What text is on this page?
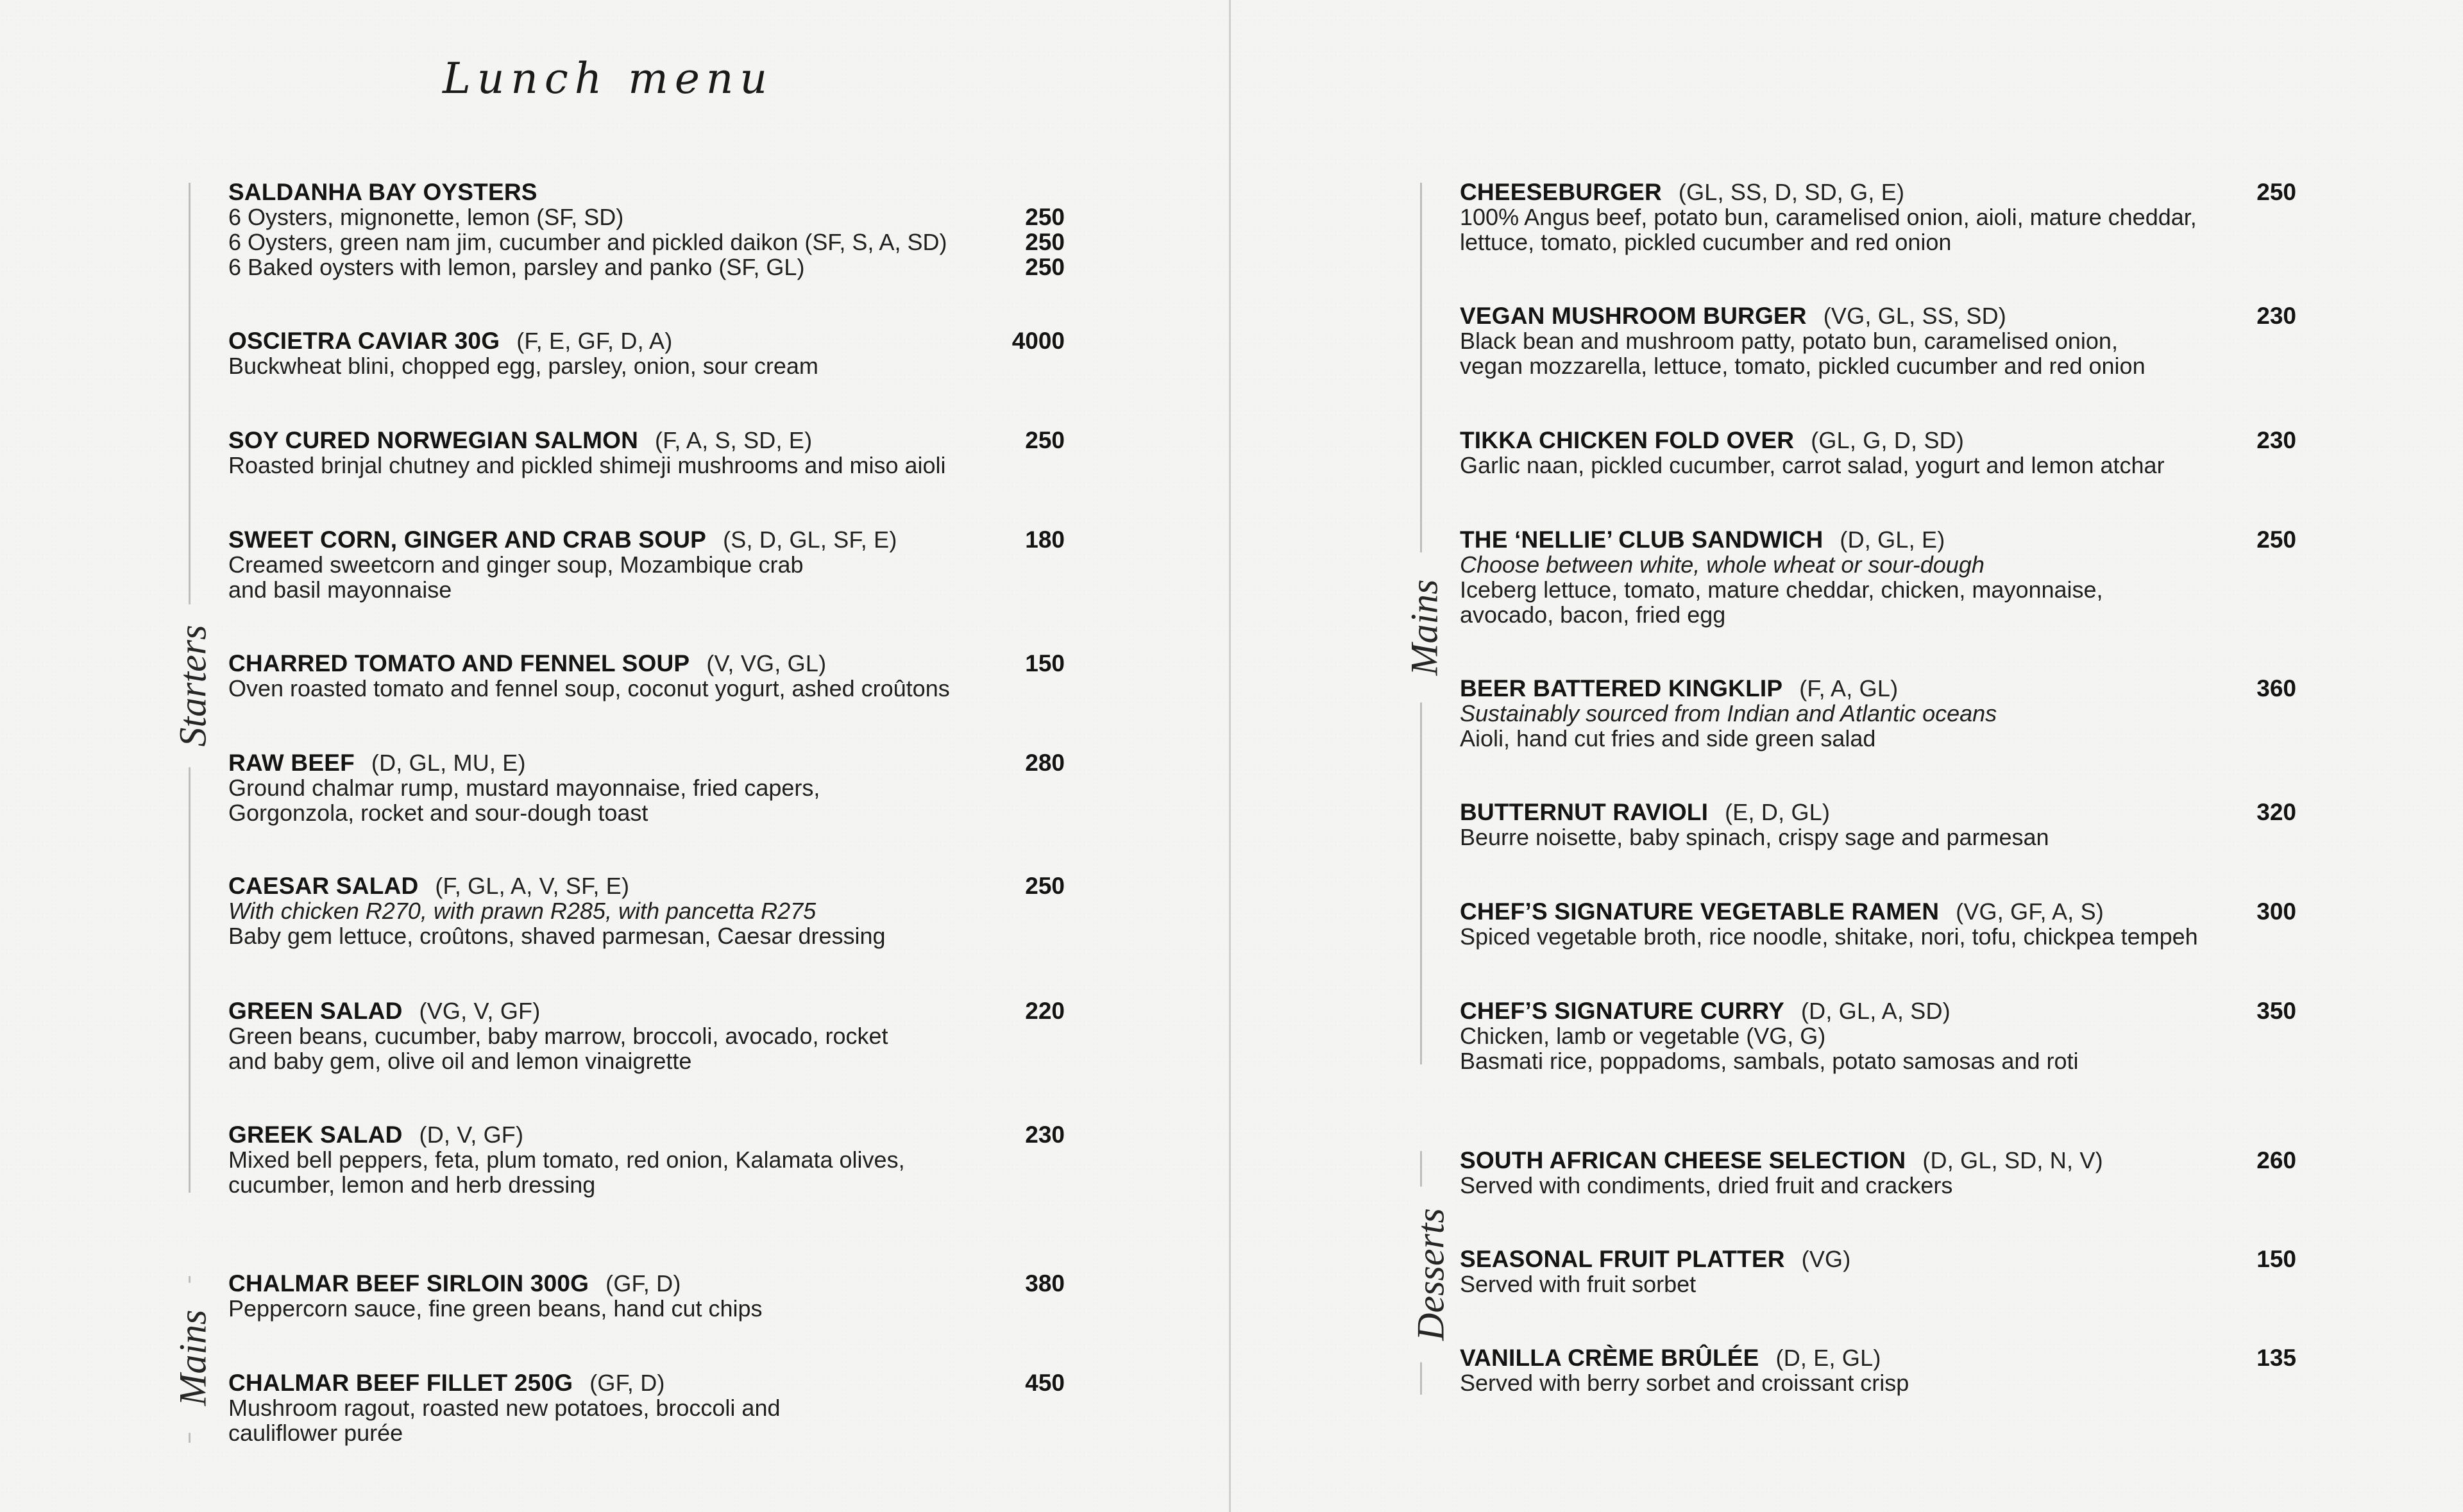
Lunch menu
Starters
Mains
Mains
Desserts
250
250
250
SALDANHA BAY OYSTERS
6 Oysters, mignonette, lemon (SF, SD)
6 Oysters, green nam jim, cucumber and pickled daikon (SF, S, A, SD)
6 Baked oysters with lemon, parsley and panko (SF, GL)
OSCIETRA CAVIAR 30G (F, E, GF, D, A)
Buckwheat blini, chopped egg, parsley, onion, sour cream
4000
SOY CURED NORWEGIAN SALMON (F, A, S, SD, E)
Roasted brinjal chutney and pickled shimeji mushrooms and miso aioli
250
SWEET CORN, GINGER AND CRAB SOUP (S, D, GL, SF, E)
Creamed sweetcorn and ginger soup, Mozambique crab
and basil mayonnaise
180
CHARRED TOMATO AND FENNEL SOUP (V, VG, GL)
Oven roasted tomato and fennel soup, coconut yogurt, ashed croûtons
150
RAW BEEF (D, GL, MU, E)
Ground chalmar rump, mustard mayonnaise, fried capers,
Gorgonzola, rocket and sour-dough toast
280
CAESAR SALAD (F, GL, A, V, SF, E)
With chicken R270, with prawn R285, with pancetta R275
Baby gem lettuce, croûtons, shaved parmesan, Caesar dressing
250
GREEN SALAD (VG, V, GF)
Green beans, cucumber, baby marrow, broccoli, avocado, rocket
and baby gem, olive oil and lemon vinaigrette
220
GREEK SALAD (D, V, GF)
Mixed bell peppers, feta, plum tomato, red onion, Kalamata olives,
cucumber, lemon and herb dressing
230
CHALMAR BEEF SIRLOIN 300G (GF, D)
Peppercorn sauce, fine green beans, hand cut chips
380
CHALMAR BEEF FILLET 250G (GF, D)
Mushroom ragout, roasted new potatoes, broccoli and
cauliflower purée
450
CHEESEBURGER (GL, SS, D, SD, G, E)
100% Angus beef, potato bun, caramelised onion, aioli, mature cheddar,
lettuce, tomato, pickled cucumber and red onion
250
VEGAN MUSHROOM BURGER (VG, GL, SS, SD)
Black bean and mushroom patty, potato bun, caramelised onion,
vegan mozzarella, lettuce, tomato, pickled cucumber and red onion
230
TIKKA CHICKEN FOLD OVER (GL, G, D, SD)
Garlic naan, pickled cucumber, carrot salad, yogurt and lemon atchar
230
THE ‘NELLIE’ CLUB SANDWICH (D, GL, E)
Choose between white, whole wheat or sour-dough
Iceberg lettuce, tomato, mature cheddar, chicken, mayonnaise,
avocado, bacon, fried egg
250
BEER BATTERED KINGKLIP (F, A, GL)
Sustainably sourced from Indian and Atlantic oceans
Aioli, hand cut fries and side green salad
360
BUTTERNUT RAVIOLI (E, D, GL)
Beurre noisette, baby spinach, crispy sage and parmesan
320
CHEF’S SIGNATURE VEGETABLE RAMEN (VG, GF, A, S)
Spiced vegetable broth, rice noodle, shitake, nori, tofu, chickpea tempeh
300
CHEF’S SIGNATURE CURRY (D, GL, A, SD)
Chicken, lamb or vegetable (VG, G)
Basmati rice, poppadoms, sambals, potato samosas and roti
350
SOUTH AFRICAN CHEESE SELECTION (D, GL, SD, N, V)
Served with condiments, dried fruit and crackers
260
SEASONAL FRUIT PLATTER (VG)
Served with fruit sorbet
150
VANILLA CRÈME BRÛLÉE (D, E, GL)
Served with berry sorbet and croissant crisp
135
